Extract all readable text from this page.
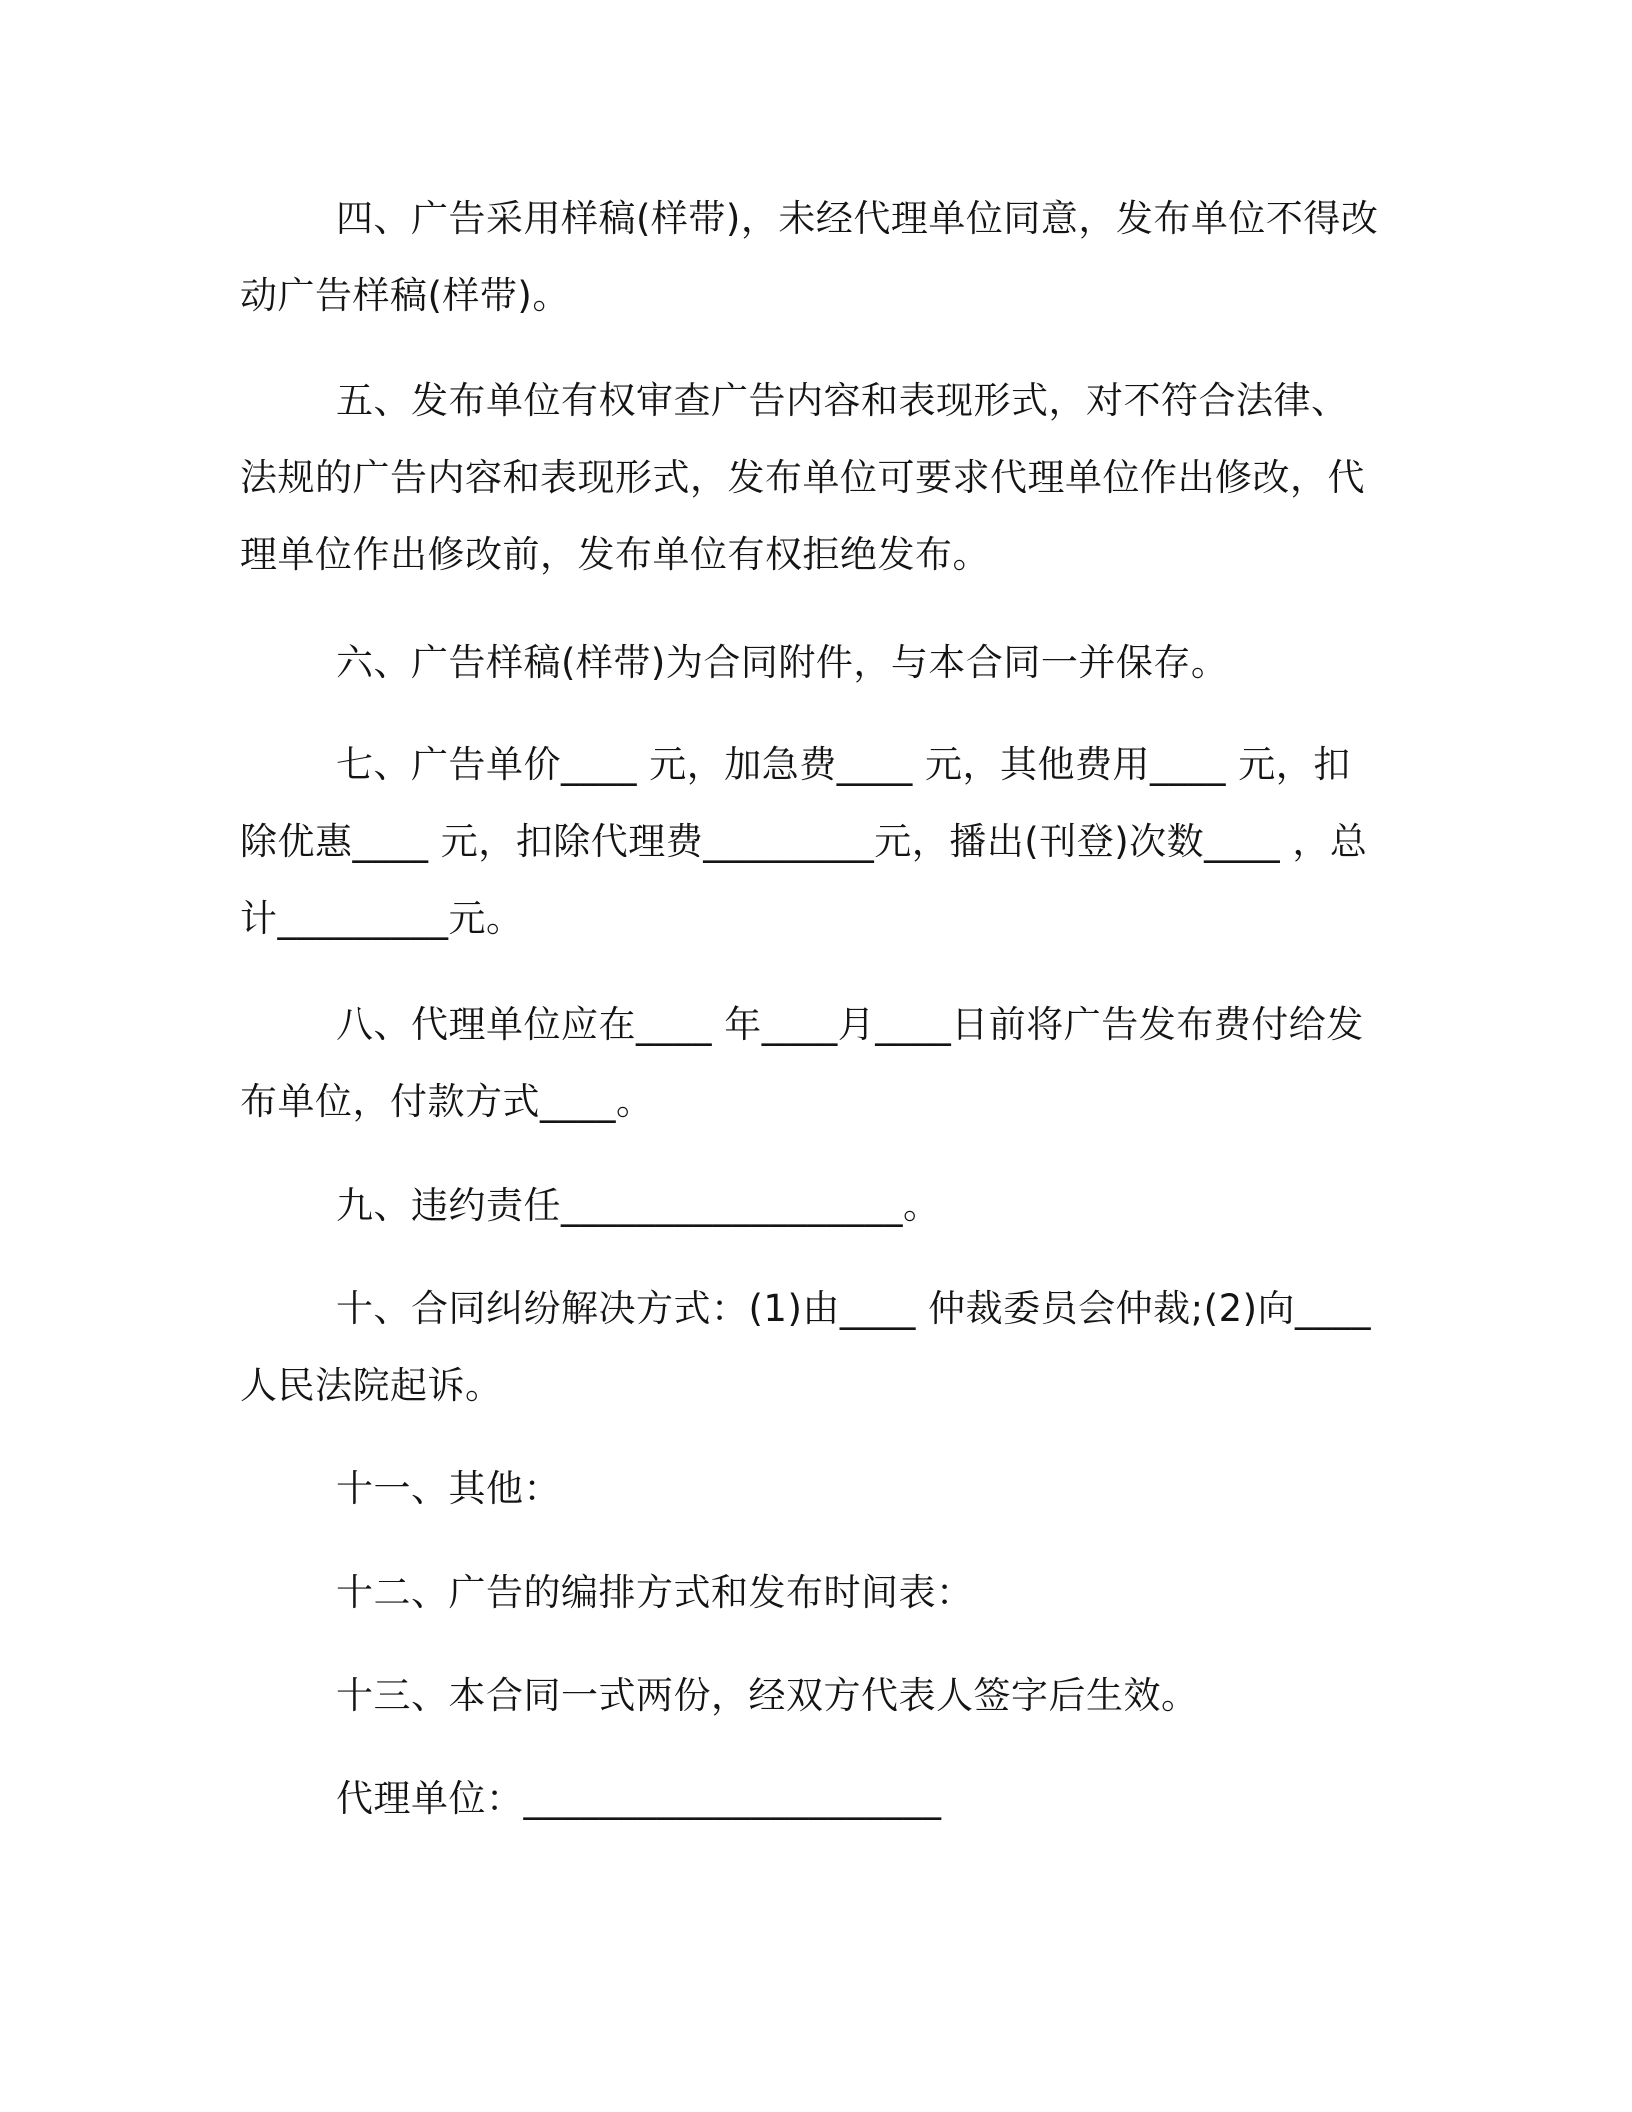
四、广告采用样稿(样带)，未经代理单位同意，发布单位不得改动广告样稿(样带)。

五、发布单位有权审查广告内容和表现形式，对不符合法律、法规的广告内容和表现形式，发布单位可要求代理单位作出修改，代理单位作出修改前，发布单位有权拒绝发布。

六、广告样稿(样带)为合同附件，与本合同一并保存。

七、广告单价____ 元，加急费____ 元，其他费用____ 元，扣除优惠____ 元，扣除代理费_________元，播出(刊登)次数____ ，总计_________元。

八、代理单位应在____ 年____月____日前将广告发布费付给发布单位，付款方式____。

九、违约责任__________________。

十、合同纠纷解决方式：(1)由____ 仲裁委员会仲裁;(2)向____人民法院起诉。

十一、其他：

十二、广告的编排方式和发布时间表：

十三、本合同一式两份，经双方代表人签字后生效。

代理单位：______________________
